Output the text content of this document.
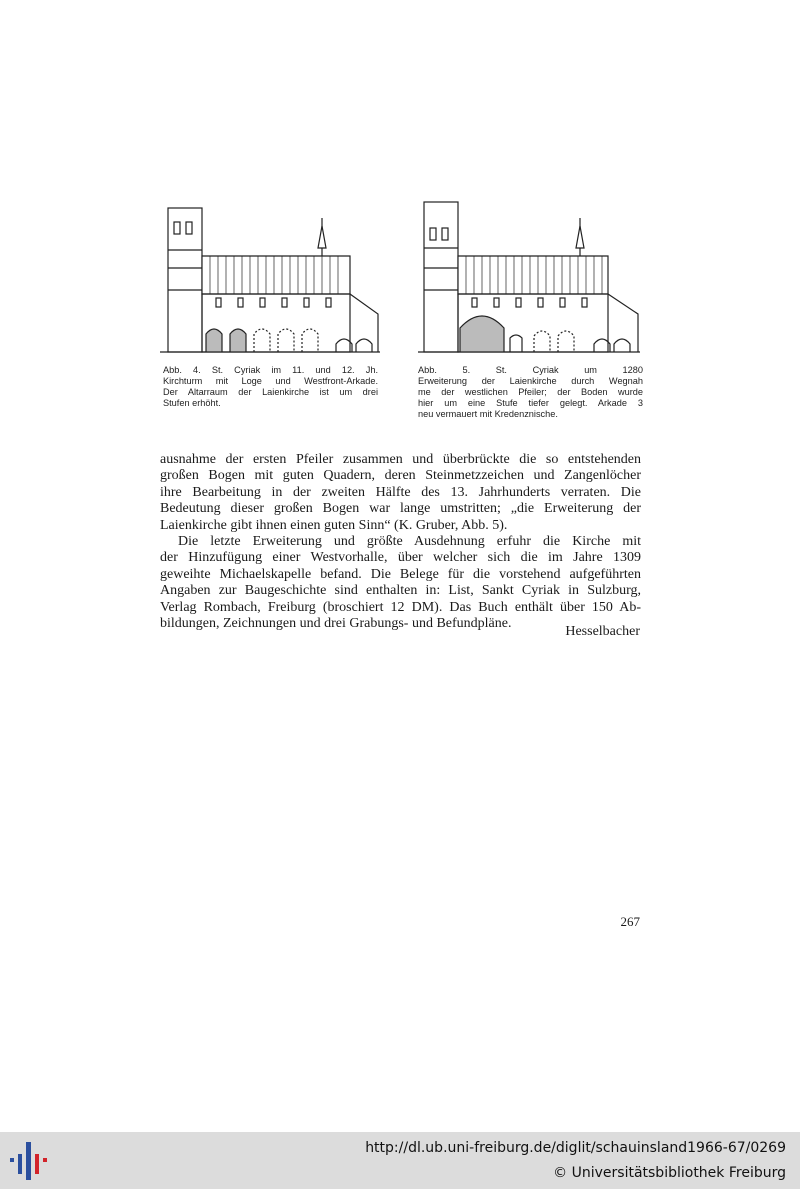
Abb. 4. St. Cyriak im 11. und 12. Jh.
Kirchturm mit Loge und Westfront-Arkade.
Der Altarraum der Laienkirche ist um drei
Stufen erhöht.
Abb. 5. St. Cyriak um 1280
Erweiterung der Laienkirche durch Wegnah
me der westlichen Pfeiler; der Boden wurde
hier um eine Stufe tiefer gelegt. Arkade 3
neu vermauert mit Kredenznische.
ausnahme der ersten Pfeiler zusammen und überbrückte die so entstehenden
großen Bogen mit guten Quadern, deren Steinmetzzeichen und Zangenlöcher
ihre Bearbeitung in der zweiten Hälfte des 13. Jahrhunderts verraten. Die
Bedeutung dieser großen Bogen war lange umstritten; „die Erweiterung der
Laienkirche gibt ihnen einen guten Sinn“ (K. Gruber, Abb. 5).
Die letzte Erweiterung und größte Ausdehnung erfuhr die Kirche mit
der Hinzufügung einer Westvorhalle, über welcher sich die im Jahre 1309
geweihte Michaelskapelle befand. Die Belege für die vorstehend aufgeführten
Angaben zur Baugeschichte sind enthalten in: List, Sankt Cyriak in Sulzburg,
Verlag Rombach, Freiburg (broschiert 12 DM). Das Buch enthält über 150 Ab-
bildungen, Zeichnungen und drei Grabungs- und Befundpläne.
Hesselbacher
267
http://dl.ub.uni-freiburg.de/diglit/schauinsland1966-67/0269
© Universitätsbibliothek Freiburg
